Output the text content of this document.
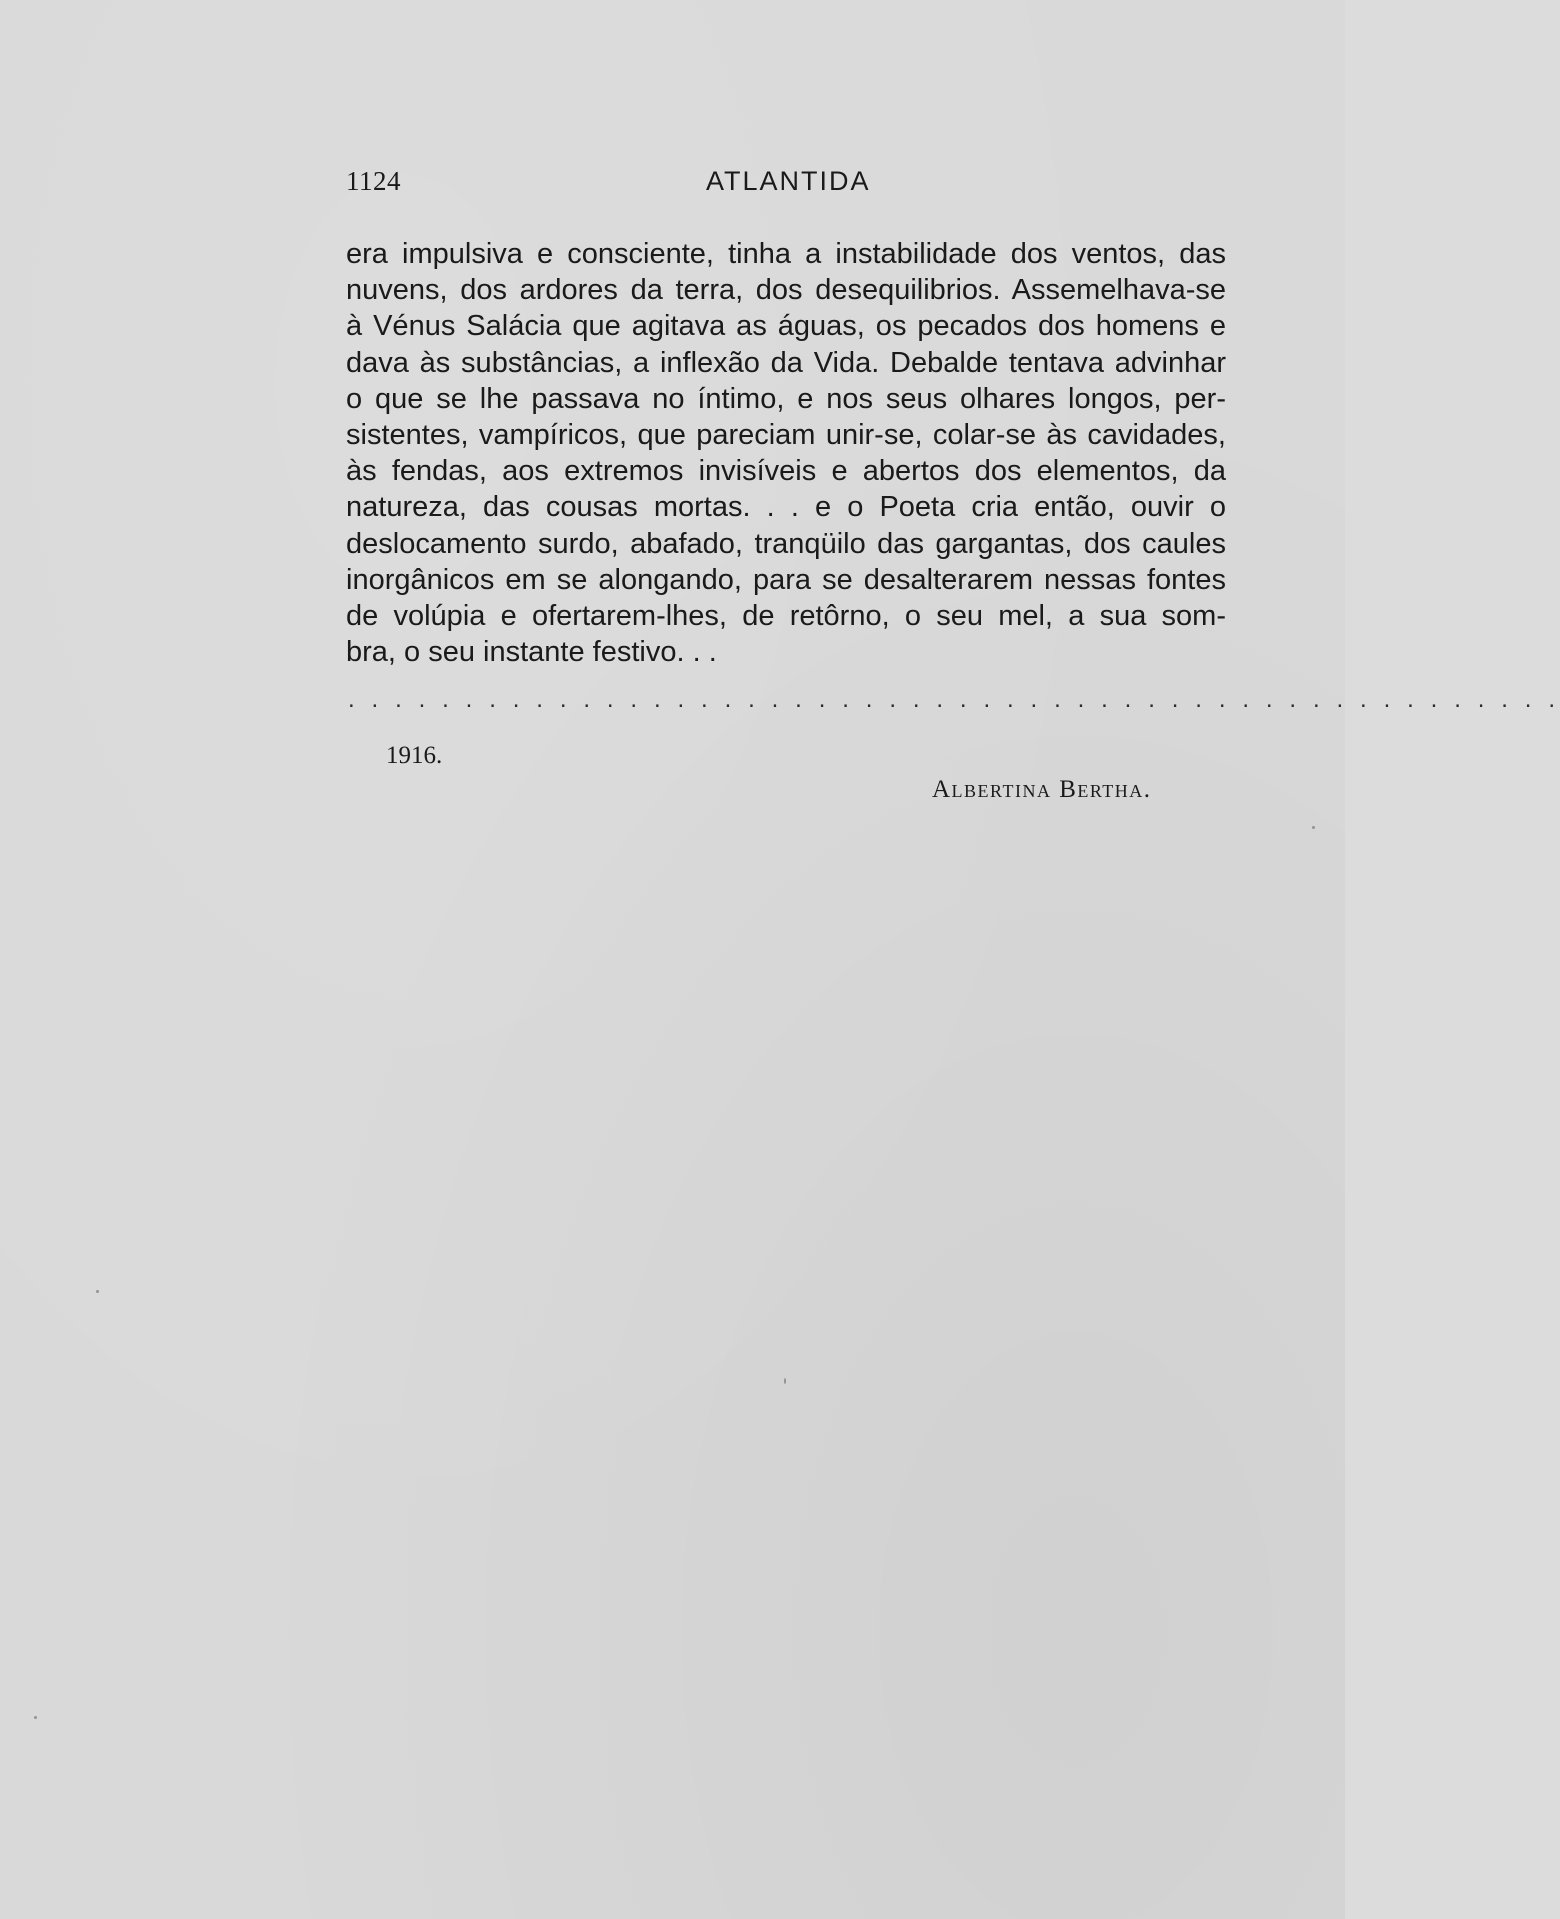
1124	ATLANTIDA
era impulsiva e consciente, tinha a instabilidade dos ventos, das
nuvens, dos ardores da terra, dos desequilibrios. Assemelhava-se
à Vénus Salácia que agitava as águas, os pecados dos homens e
dava às substâncias, a inflexão da Vida. Debalde tentava advinhar
o que se lhe passava no íntimo, e nos seus olhares longos, per-
sistentes, vampíricos, que pareciam unir-se, colar-se às cavidades,
às fendas, aos extremos invisíveis e abertos dos elementos, da
natureza, das cousas mortas. . . e o Poeta cria então, ouvir o
deslocamento surdo, abafado, tranqüilo das gargantas, dos caules
inorgânicos em se alongando, para se desalterarem nessas fontes
de volúpia e ofertarem-lhes, de retôrno, o seu mel, a sua som-
bra, o seu instante festivo. . .
. . . . . . . . . . . . . . . . . . . . . . . . . . . . . . . . . . . . . . . . . . . . . . . . . . . .
1916.
Albertina Bertha.
